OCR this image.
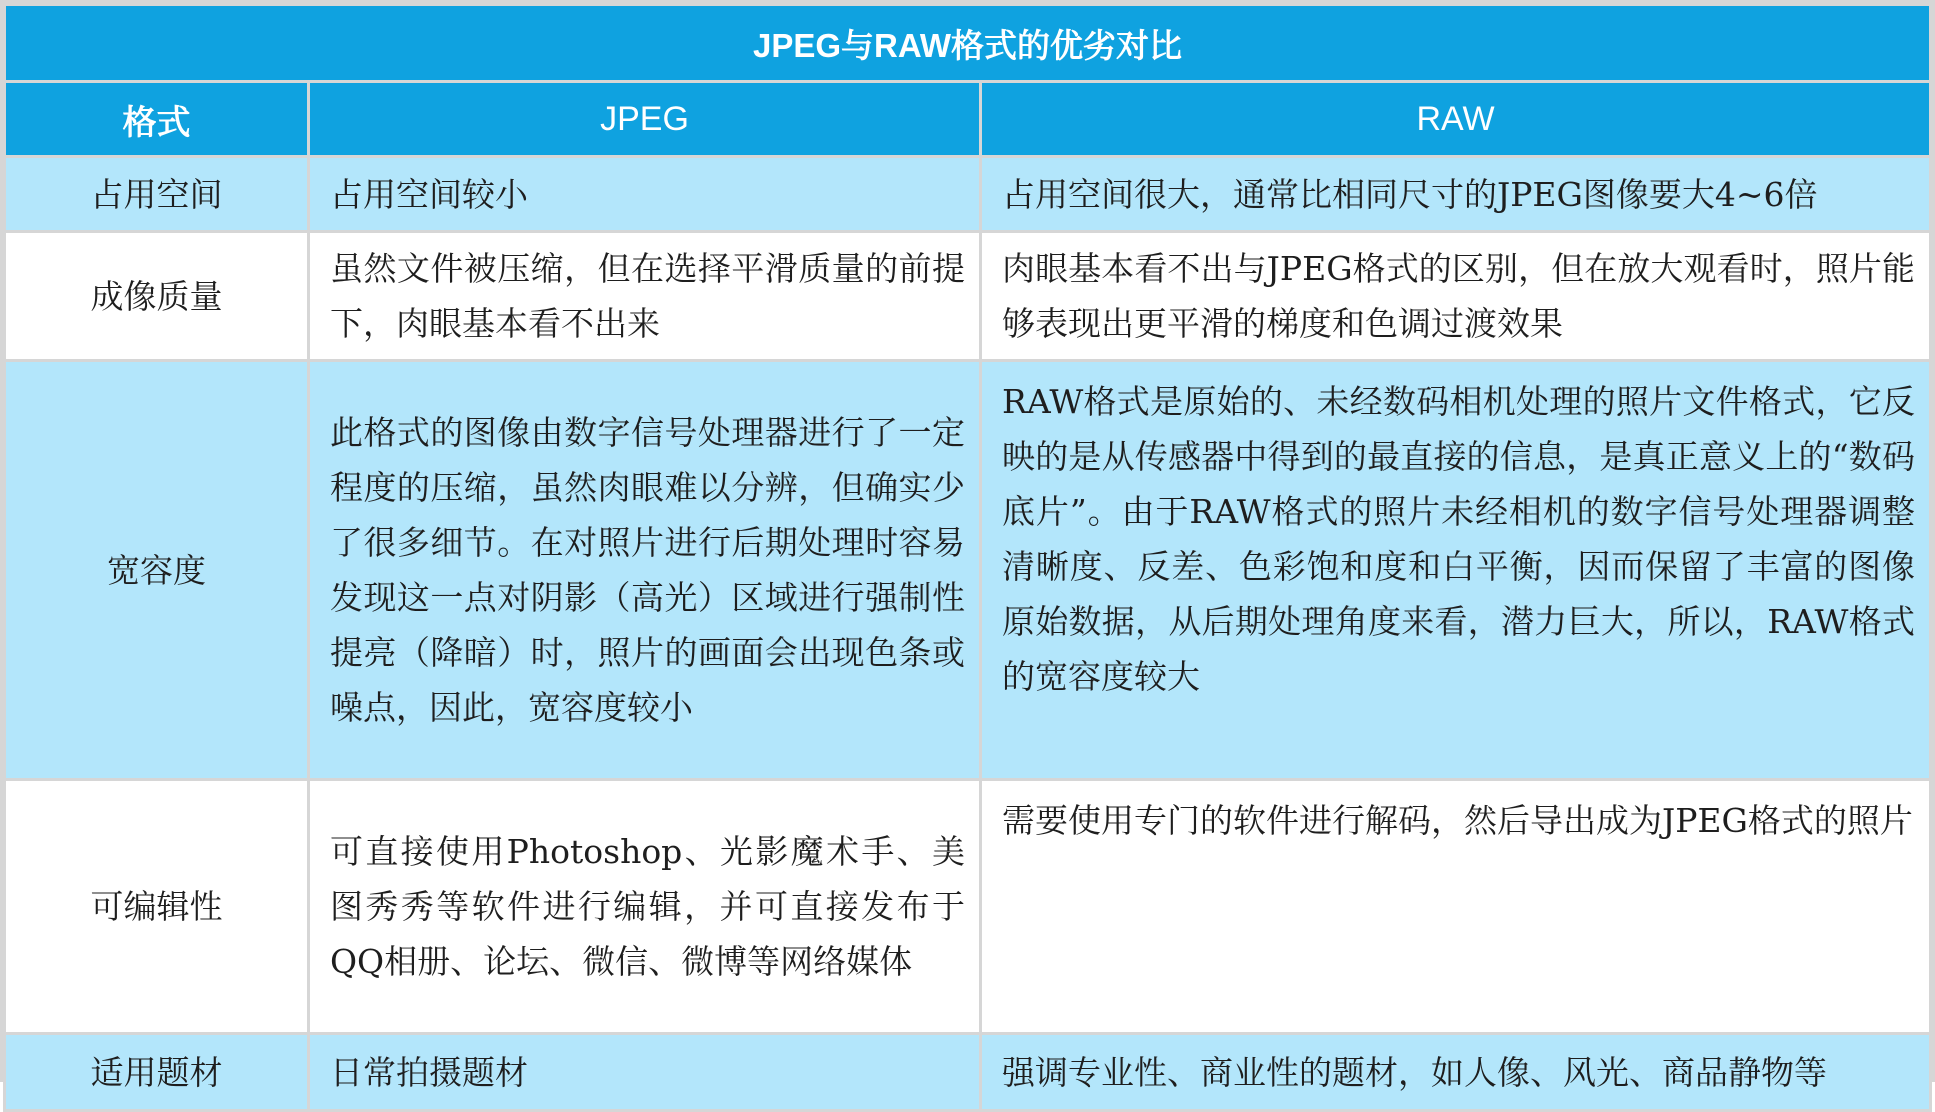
JPEG与RAW格式的优劣对比		
格式	JPEG	RAW
占用空间	占用空间较小	占用空间很大，通常比相同尺寸的JPEG图像要大4~6倍
成像质量	虽然文件被压缩，但在选择平滑质量的前提下，肉眼基本看不出来	肉眼基本看不出与JPEG格式的区别，但在放大观看时，照片能够表现出更平滑的梯度和色调过渡效果
宽容度	此格式的图像由数字信号处理器进行了一定程度的压缩，虽然肉眼难以分辨，但确实少了很多细节。在对照片进行后期处理时容易发现这一点对阴影（高光）区域进行强制性提亮（降暗）时，照片的画面会出现色条或噪点，因此，宽容度较小	RAW格式是原始的、未经数码相机处理的照片文件格式，它反映的是从传感器中得到的最直接的信息，是真正意义上的“数码底片”。由于RAW格式的照片未经相机的数字信号处理器调整清晰度、反差、色彩饱和度和白平衡，因而保留了丰富的图像原始数据，从后期处理角度来看，潜力巨大，所以，RAW格式的宽容度较大
可编辑性	可直接使用Photoshop、光影魔术手、美图秀秀等软件进行编辑，并可直接发布于QQ相册、论坛、微信、微博等网络媒体	需要使用专门的软件进行解码，然后导出成为JPEG格式的照片
适用题材	日常拍摄题材	强调专业性、商业性的题材，如人像、风光、商品静物等
